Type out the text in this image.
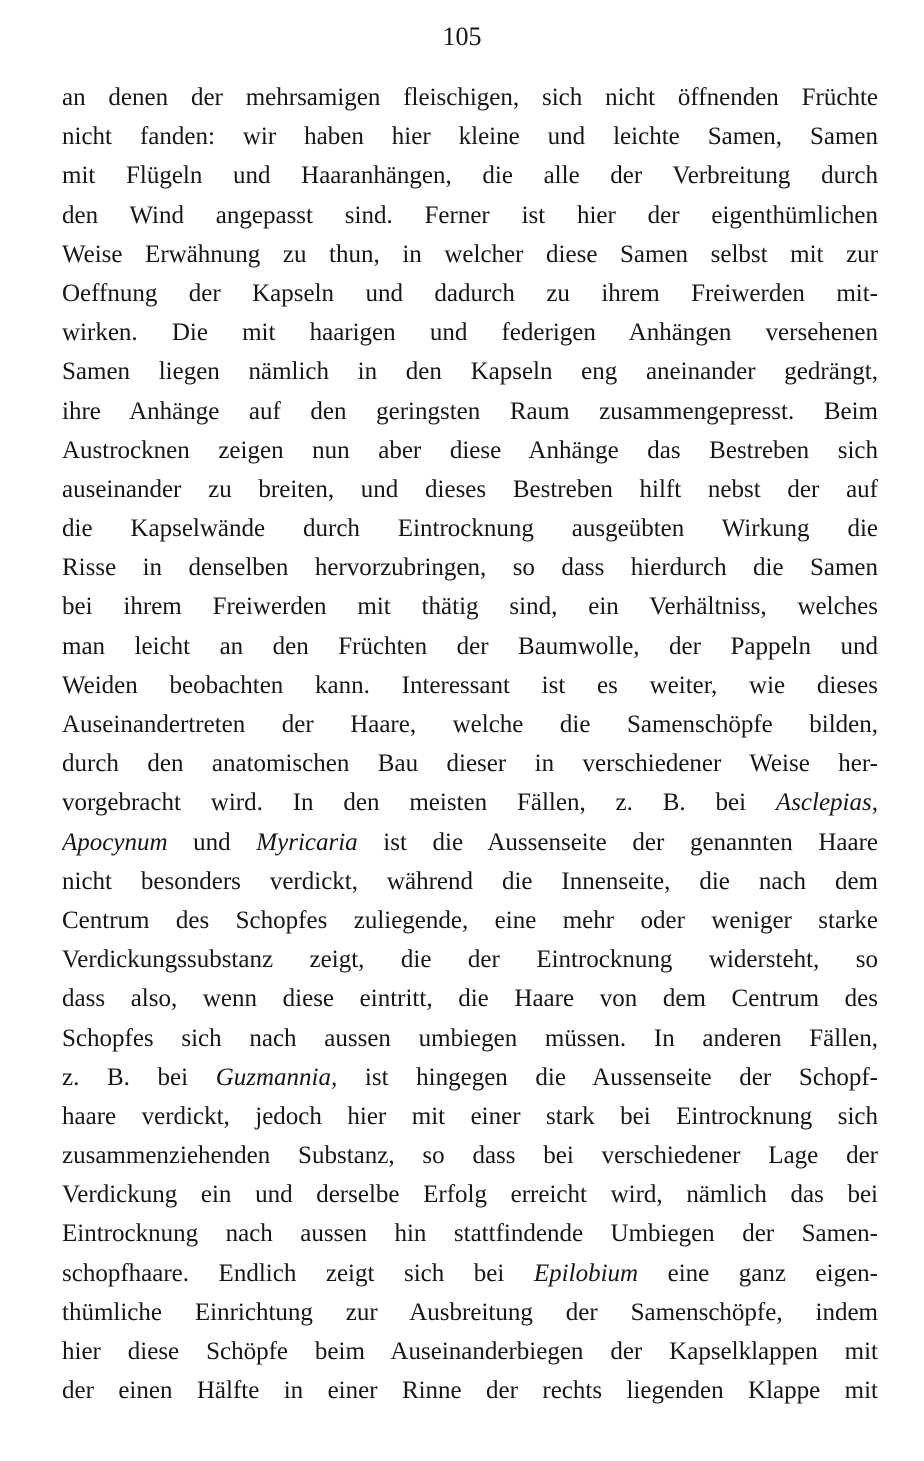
105
an denen der mehrsamigen fleischigen, sich nicht öffnenden Früchte
nicht fanden: wir haben hier kleine und leichte Samen, Samen
mit Flügeln und Haaranhängen, die alle der Verbreitung durch
den Wind angepasst sind. Ferner ist hier der eigenthümlichen
Weise Erwähnung zu thun, in welcher diese Samen selbst mit zur
Oeffnung der Kapseln und dadurch zu ihrem Freiwerden mit-
wirken. Die mit haarigen und federigen Anhängen versehenen
Samen liegen nämlich in den Kapseln eng aneinander gedrängt,
ihre Anhänge auf den geringsten Raum zusammengepresst. Beim
Austrocknen zeigen nun aber diese Anhänge das Bestreben sich
auseinander zu breiten, und dieses Bestreben hilft nebst der auf
die Kapselwände durch Eintrocknung ausgeübten Wirkung die
Risse in denselben hervorzubringen, so dass hierdurch die Samen
bei ihrem Freiwerden mit thätig sind, ein Verhältniss, welches
man leicht an den Früchten der Baumwolle, der Pappeln und
Weiden beobachten kann. Interessant ist es weiter, wie dieses
Auseinandertreten der Haare, welche die Samenschöpfe bilden,
durch den anatomischen Bau dieser in verschiedener Weise her-
vorgebracht wird. In den meisten Fällen, z. B. bei Asclepias,
Apocynum und Myricaria ist die Aussenseite der genannten Haare
nicht besonders verdickt, während die Innenseite, die nach dem
Centrum des Schopfes zuliegende, eine mehr oder weniger starke
Verdickungssubstanz zeigt, die der Eintrocknung widersteht, so
dass also, wenn diese eintritt, die Haare von dem Centrum des
Schopfes sich nach aussen umbiegen müssen. In anderen Fällen,
z. B. bei Guzmannia, ist hingegen die Aussenseite der Schopf-
haare verdickt, jedoch hier mit einer stark bei Eintrocknung sich
zusammenziehenden Substanz, so dass bei verschiedener Lage der
Verdickung ein und derselbe Erfolg erreicht wird, nämlich das bei
Eintrocknung nach aussen hin stattfindende Umbiegen der Samen-
schopfhaare. Endlich zeigt sich bei Epilobium eine ganz eigen-
thümliche Einrichtung zur Ausbreitung der Samenschöpfe, indem
hier diese Schöpfe beim Auseinanderbiegen der Kapselklappen mit
der einen Hälfte in einer Rinne der rechts liegenden Klappe mit
